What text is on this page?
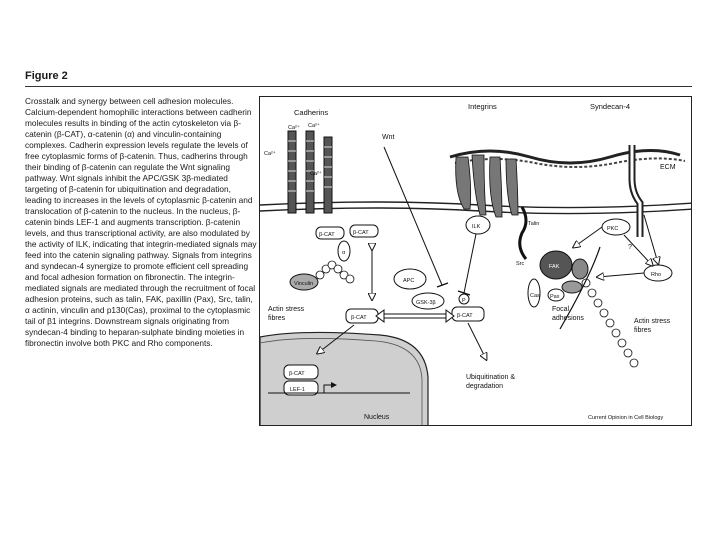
Figure 2

Crosstalk and synergy between cell adhesion molecules. Calcium-dependent homophilic interactions between cadherin molecules results in binding of the actin cytoskeleton via β-catenin (β-CAT), α-catenin (α) and vinculin-containing complexes. Cadherin expression levels regulate the levels of free cytoplasmic forms of β-catenin. Thus, cadherins through their binding of β-catenin can regulate the Wnt signaling pathway. Wnt signals inhibit the APC/GSK 3β-mediated targeting of β-catenin for ubiquitination and degradation, leading to increases in the levels of cytoplasmic β-catenin and translocation of β-catenin to the nucleus. In the nucleus, β-catenin binds LEF-1 and augments transcription. β-catenin levels, and thus transcriptional activity, are also modulated by the activity of ILK, indicating that integrin-mediated signals may feed into the catenin signaling pathway. Signals from integrins and syndecan-4 synergize to promote efficient cell spreading and focal adhesion formation on fibronectin. The integrin-mediated signals are mediated through the recruitment of focal adhesion proteins, such as talin, FAK, paxillin (Pax), Src, talin, α actinin, vinculin and p130(Cas), proximal to the cytoplasmic tail of β1 integrins. Downstream signals originating from syndecan-4 binding to heparan-sulphate binding moieties in fibronectin involve both PKC and Rho components.

Cadherins
Integrins	Syndecan-4
ECM
Wnt
Ca²⁺ Ca²⁺
Ca²⁺
Ca²⁺
β-CAT	β-CAT
α
Vinculin
Actin stress
fibres	β-CAT	β-CAT
APC
GSK-3β	P
ILK	Talin
Src	FAK
Pax
Cas
PKC
Rho
?
Focal
adhesions	Actin stress
fibres
β-CAT
LEF-1
Nucleus
Ubiquitination &
degradation
Current Opinion in Cell Biology
